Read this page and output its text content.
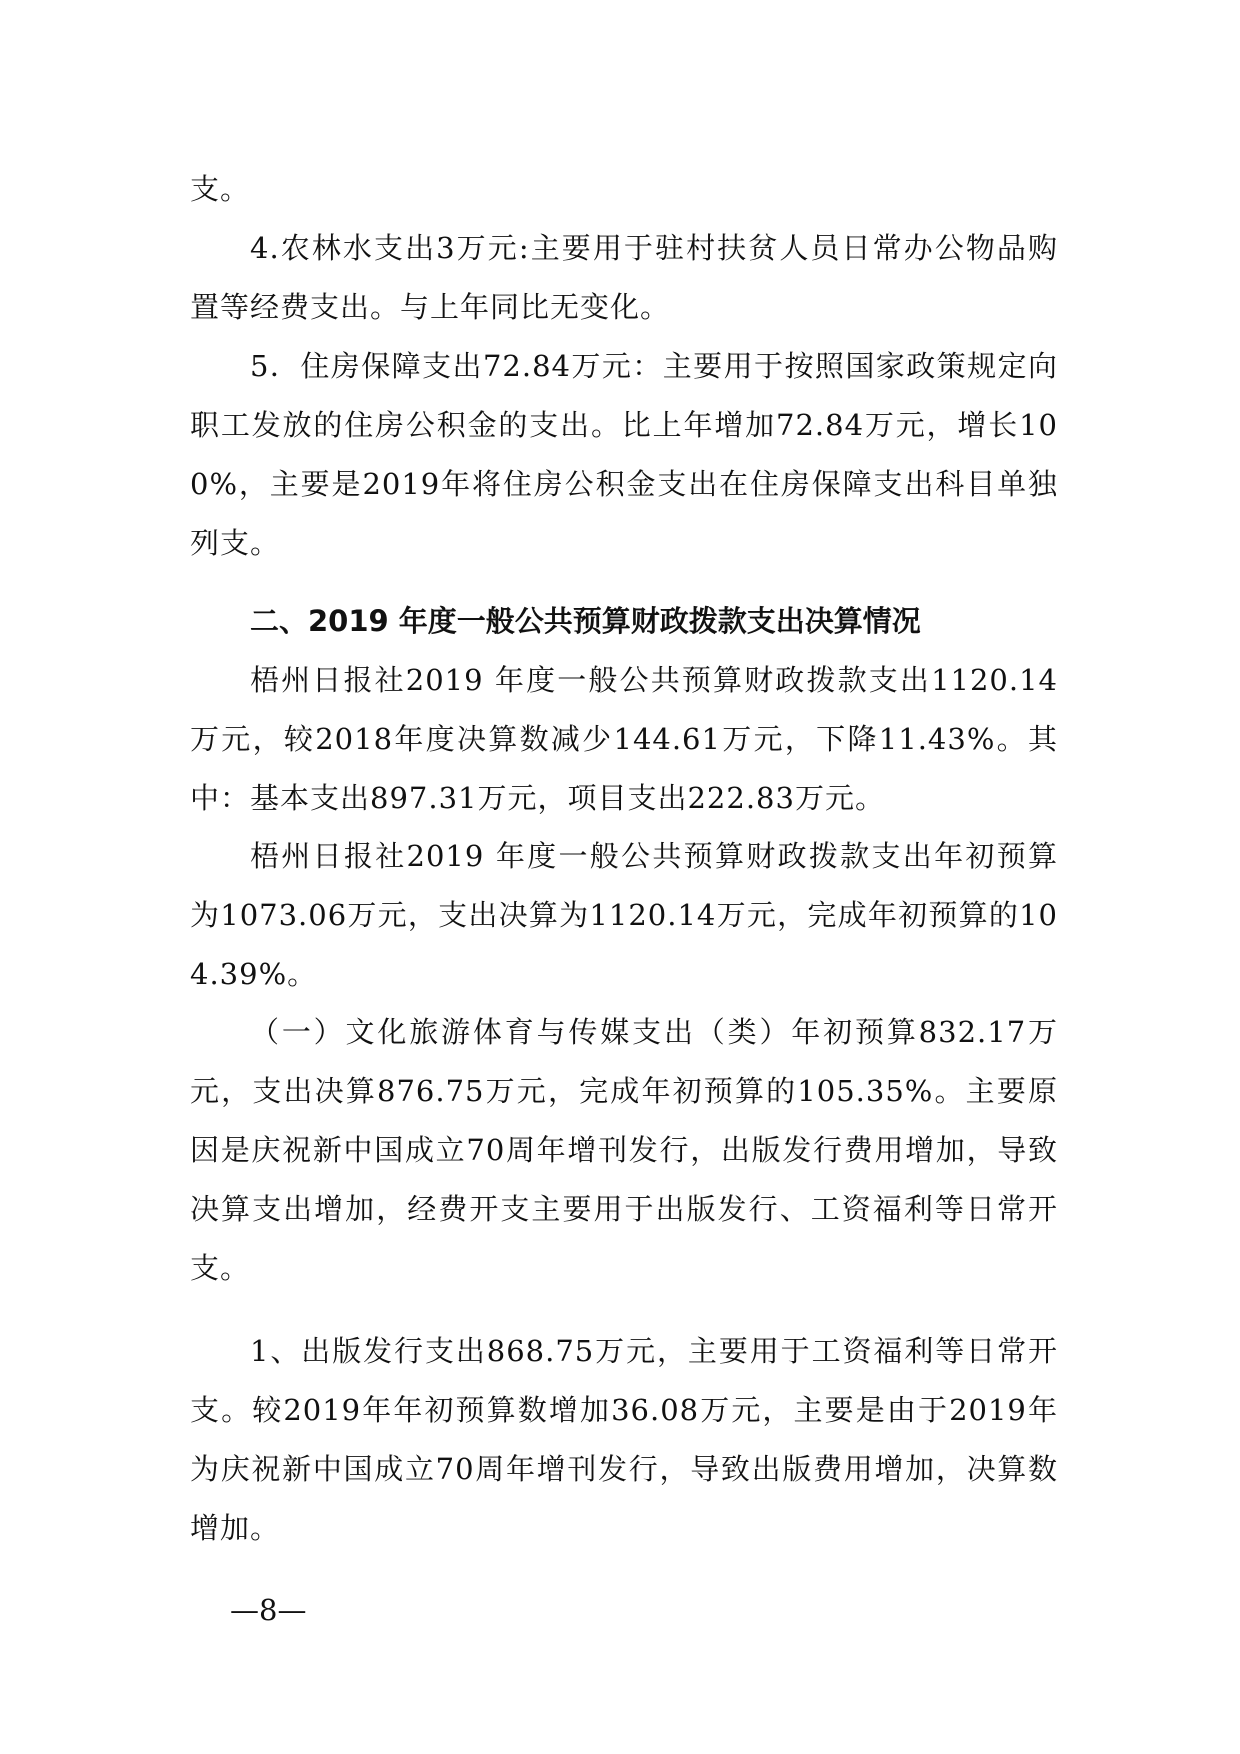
支。

4.农林水支出3万元:主要用于驻村扶贫人员日常办公物品购置等经费支出。与上年同比无变化。

5．住房保障支出72.84万元：主要用于按照国家政策规定向职工发放的住房公积金的支出。比上年增加72.84万元，增长100%，主要是2019年将住房公积金支出在住房保障支出科目单独列支。

二、2019 年度一般公共预算财政拨款支出决算情况

梧州日报社2019 年度一般公共预算财政拨款支出1120.14万元，较2018年度决算数减少144.61万元，下降11.43%。其中：基本支出897.31万元，项目支出222.83万元。

梧州日报社2019 年度一般公共预算财政拨款支出年初预算为1073.06万元，支出决算为1120.14万元，完成年初预算的104.39%。

（一）文化旅游体育与传媒支出（类）年初预算832.17万元，支出决算876.75万元，完成年初预算的105.35%。主要原因是庆祝新中国成立70周年增刊发行，出版发行费用增加，导致决算支出增加，经费开支主要用于出版发行、工资福利等日常开支。

1、出版发行支出868.75万元，主要用于工资福利等日常开支。较2019年年初预算数增加36.08万元，主要是由于2019年为庆祝新中国成立70周年增刊发行，导致出版费用增加，决算数增加。

—8—
